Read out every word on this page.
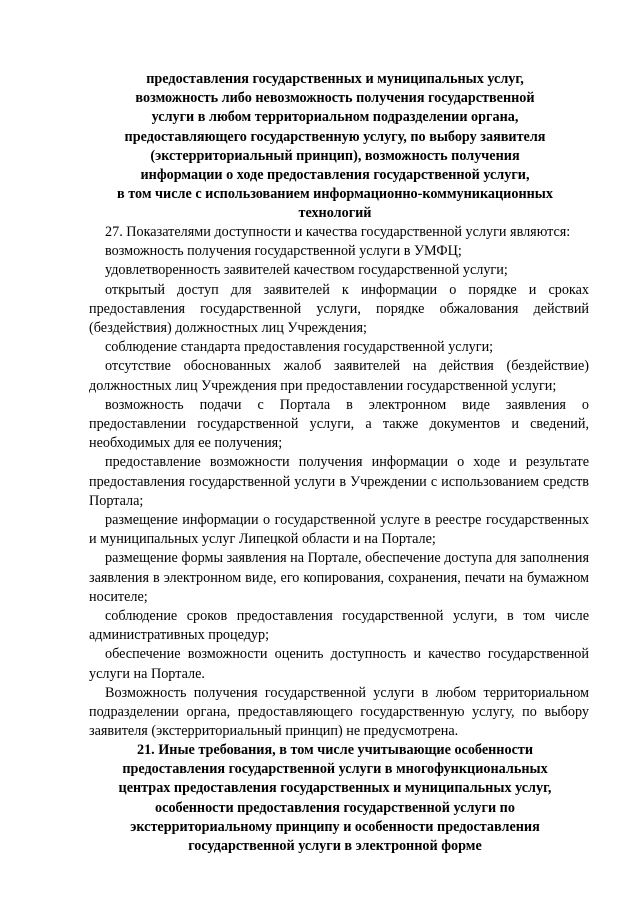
предоставления государственных и муниципальных услуг,
возможность либо невозможность получения государственной
услуги в любом территориальном подразделении органа,
предоставляющего государственную услугу, по выбору заявителя
(экстерриториальный принцип), возможность получения
информации о ходе предоставления государственной услуги,
в том числе с использованием информационно-коммуникационных
технологий

27. Показателями доступности и качества государственной услуги являются:

возможность получения государственной услуги в УМФЦ;

удовлетворенность заявителей качеством государственной услуги;

открытый доступ для заявителей к информации о порядке и сроках предоставления государственной услуги, порядке обжалования действий (бездействия) должностных лиц Учреждения;

соблюдение стандарта предоставления государственной услуги;

отсутствие обоснованных жалоб заявителей на действия (бездействие) должностных лиц Учреждения при предоставлении государственной услуги;

возможность подачи с Портала в электронном виде заявления о предоставлении государственной услуги, а также документов и сведений, необходимых для ее получения;

предоставление возможности получения информации о ходе и результате предоставления государственной услуги в Учреждении с использованием средств Портала;

размещение информации о государственной услуге в реестре государственных и муниципальных услуг Липецкой области и на Портале;

размещение формы заявления на Портале, обеспечение доступа для заполнения заявления в электронном виде, его копирования, сохранения, печати на бумажном носителе;

соблюдение сроков предоставления государственной услуги, в том числе административных процедур;

обеспечение возможности оценить доступность и качество государственной услуги на Портале.

Возможность получения государственной услуги в любом территориальном подразделении органа, предоставляющего государственную услугу, по выбору заявителя (экстерриториальный принцип) не предусмотрена.

21. Иные требования, в том числе учитывающие особенности
предоставления государственной услуги в многофункциональных
центрах предоставления государственных и муниципальных услуг,
особенности предоставления государственной услуги по
экстерриториальному принципу и особенности предоставления
государственной услуги в электронной форме
